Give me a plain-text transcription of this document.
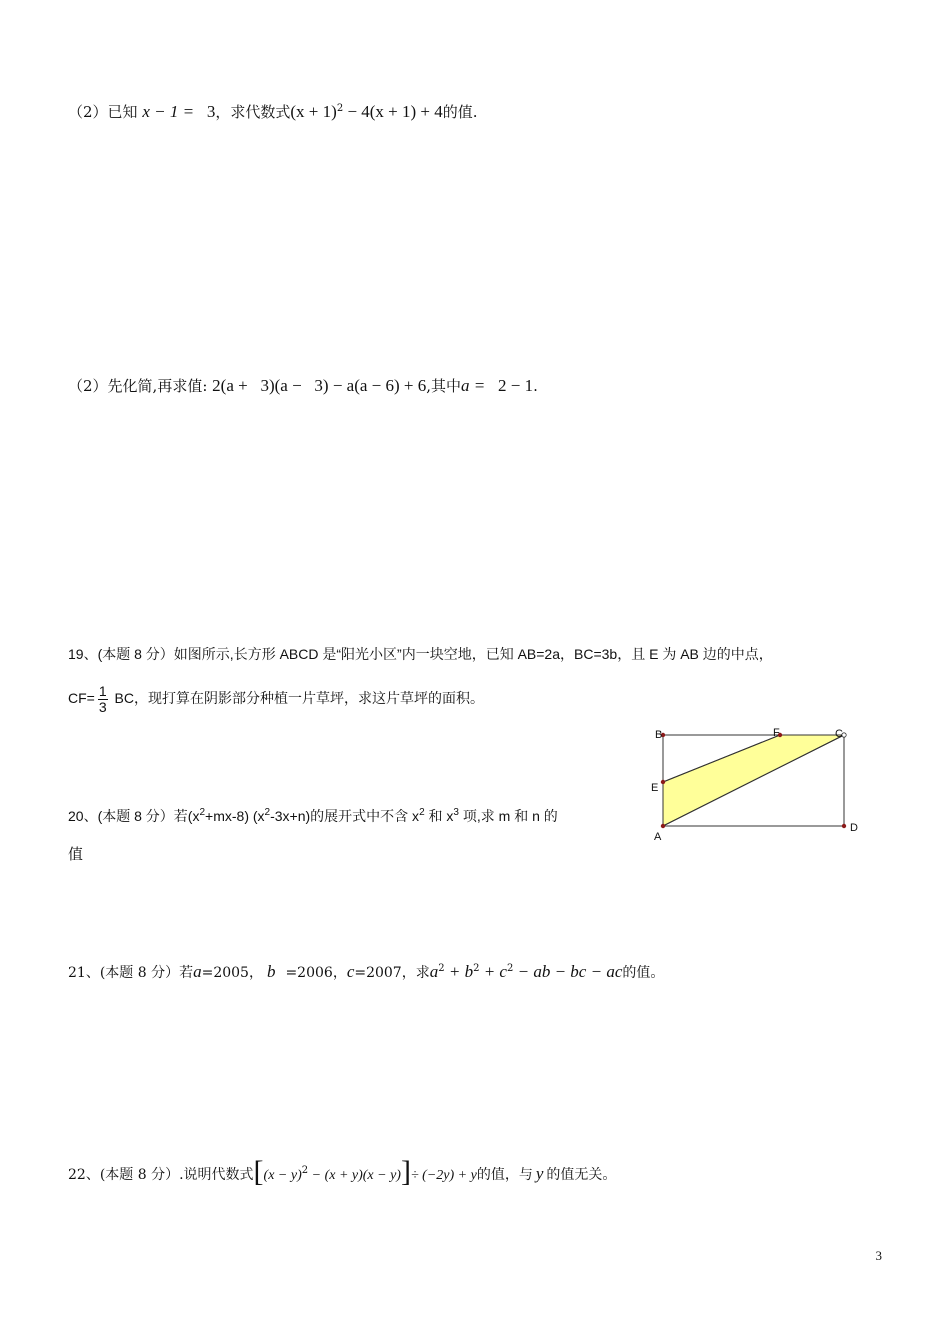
（2）已知 x − 1 = 3，求代数式$(x + 1)^2 - 4(x + 1) + 4$的值.
（2）先化简,再求值: 2(a +   3)(a −   3) − a(a − 6) + 6,其中a = 2 − 1.
19、(本题 8 分）如图所示,长方形 ABCD 是“阳光小区”内一块空地，已知 AB=2a，BC=3b，且 E 为 AB 边的中点，
$CF= \frac{1}{3}$ BC，现打算在阴影部分种植一片草坪，求这片草坪的面积。
A
B	C
D
E
F
20、(本题 8 分）若$(x^2+mx-8)$ $(x^2-3x+n)$的展开式中不含 $x^2$ 和 $x^3$ 项,求 m 和 n 的
值
21、(本题 8 分）若a=2005， b =2006，c=2007，求$a^2 + b^2 + c^2$ − ab − bc − ac的值。
22、(本题 8 分）.说明代数式$[(x - y)^2 - (x + y)(x - y)]\div (-2y) + y$的值，与 y 的值无关。
3
